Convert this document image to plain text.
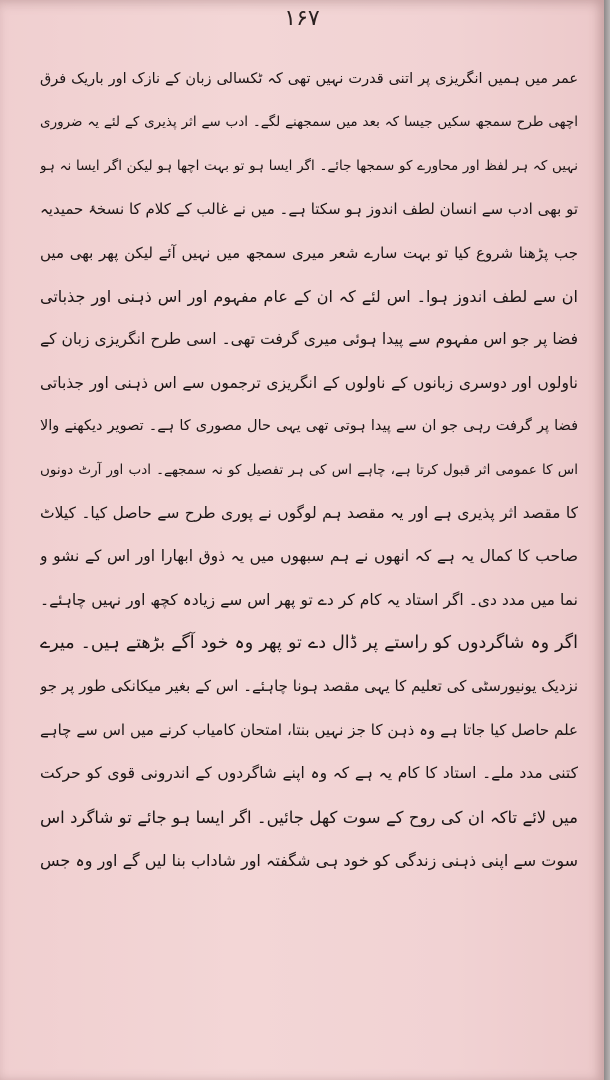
۱۶۷
عمر میں ہمیں انگریزی پر اتنی قدرت نہیں تھی کہ ٹکسالی زبان کے نازک اور باریک فرق
اچھی طرح سمجھ سکیں جیسا کہ بعد میں سمجھنے لگے۔ ادب سے اثر پذیری کے لئے یہ ضروری
نہیں کہ ہر لفظ اور محاورے کو سمجھا جائے۔ اگر ایسا ہو تو بہت اچھا ہو لیکن اگر ایسا نہ ہو
تو بھی ادب سے انسان لطف اندوز ہو سکتا ہے۔ میں نے غالب کے کلام کا نسخۂ حمیدیہ
جب پڑھنا شروع کیا تو بہت سارے شعر میری سمجھ میں نہیں آئے لیکن پھر بھی میں
ان سے لطف اندوز ہوا۔ اس لئے کہ ان کے عام مفہوم اور اس ذہنی اور جذباتی
فضا پر جو اس مفہوم سے پیدا ہوئی میری گرفت تھی۔ اسی طرح انگریزی زبان کے
ناولوں اور دوسری زبانوں کے ناولوں کے انگریزی ترجموں سے اس ذہنی اور جذباتی
فضا پر گرفت رہی جو ان سے پیدا ہوتی تھی یہی حال مصوری کا ہے۔ تصویر دیکھنے والا
اس کا عمومی اثر قبول کرتا ہے، چاہے اس کی ہر تفصیل کو نہ سمجھے۔ ادب اور آرٹ دونوں
کا مقصد اثر پذیری ہے اور یہ مقصد ہم لوگوں نے پوری طرح سے حاصل کیا۔ کیلاٹ
صاحب کا کمال یہ ہے کہ انھوں نے ہم سبھوں میں یہ ذوق ابھارا اور اس کے نشو و
نما میں مدد دی۔ اگر استاد یہ کام کر دے تو پھر اس سے زیادہ کچھ اور نہیں چاہئے۔
اگر وہ شاگردوں کو راستے پر ڈال دے تو پھر وہ خود آگے بڑھتے ہیں۔ میرے
نزدیک یونیورسٹی کی تعلیم کا یہی مقصد ہونا چاہئے۔ اس کے بغیر میکانکی طور پر جو
علم حاصل کیا جاتا ہے وہ ذہن کا جز نہیں بنتا، امتحان کامیاب کرنے میں اس سے چاہے
کتنی مدد ملے۔ استاد کا کام یہ ہے کہ وہ اپنے شاگردوں کے اندرونی قوی کو حرکت
میں لائے تاکہ ان کی روح کے سوت کھل جائیں۔ اگر ایسا ہو جائے تو شاگرد اس
سوت سے اپنی ذہنی زندگی کو خود ہی شگفتہ اور شاداب بنا لیں گے اور وہ جس
